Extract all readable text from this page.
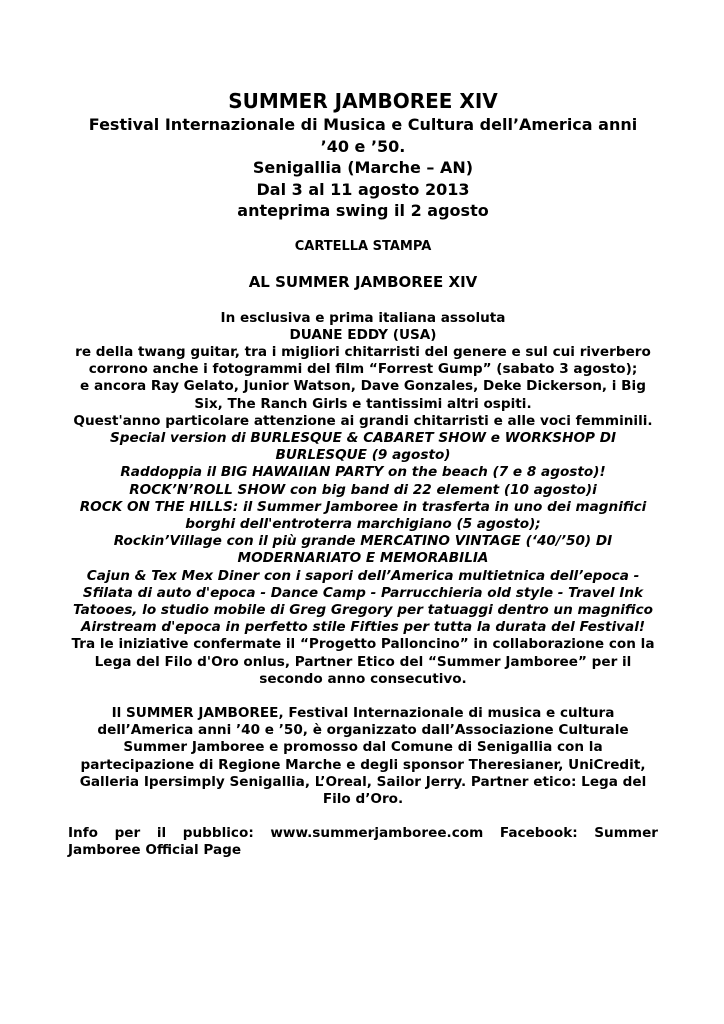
SUMMER JAMBOREE XIV
Festival Internazionale di Musica e Cultura dell’America anni
’40 e ’50.
Senigallia (Marche – AN)
Dal 3 al 11 agosto 2013
anteprima swing il 2 agosto
CARTELLA STAMPA
AL SUMMER JAMBOREE XIV
In esclusiva e prima italiana assoluta
DUANE EDDY (USA)
re della twang guitar, tra i migliori chitarristi del genere e sul cui riverbero corrono anche i fotogrammi del film “Forrest Gump” (sabato 3 agosto);
e ancora Ray Gelato, Junior Watson, Dave Gonzales, Deke Dickerson, i Big Six, The Ranch Girls e tantissimi altri ospiti.
Quest'anno particolare attenzione ai grandi chitarristi e alle voci femminili.
Special version di BURLESQUE & CABARET SHOW e WORKSHOP DI BURLESQUE (9 agosto)
Raddoppia il BIG HAWAIIAN PARTY on the beach (7 e 8 agosto)!
ROCK’N’ROLL SHOW con big band di 22 element (10 agosto)i
ROCK ON THE HILLS: il Summer Jamboree in trasferta in uno dei magnifici borghi dell'entroterra marchigiano (5 agosto);
Rockin’Village con il più grande MERCATINO VINTAGE (‘40/’50) DI MODERNARIATO E MEMORABILIA
Cajun & Tex Mex Diner con i sapori dell’America multietnica dell’epoca - Sfilata di auto d'epoca - Dance Camp - Parrucchieria old style - Travel Ink Tatooes, lo studio mobile di Greg Gregory per tatuaggi dentro un magnifico Airstream d'epoca in perfetto stile Fifties per tutta la durata del Festival!
Tra le iniziative confermate il “Progetto Palloncino” in collaborazione con la Lega del Filo d'Oro onlus, Partner Etico del “Summer Jamboree” per il secondo anno consecutivo.
Il SUMMER JAMBOREE, Festival Internazionale di musica e cultura dell’America anni ’40 e ’50, è organizzato dall’Associazione Culturale Summer Jamboree e promosso dal Comune di Senigallia con la partecipazione di Regione Marche e degli sponsor Theresianer, UniCredit, Galleria Ipersimply Senigallia, L’Oreal, Sailor Jerry. Partner etico: Lega del Filo d’Oro.
Info per il pubblico: www.summerjamboree.com Facebook: Summer Jamboree Official Page
